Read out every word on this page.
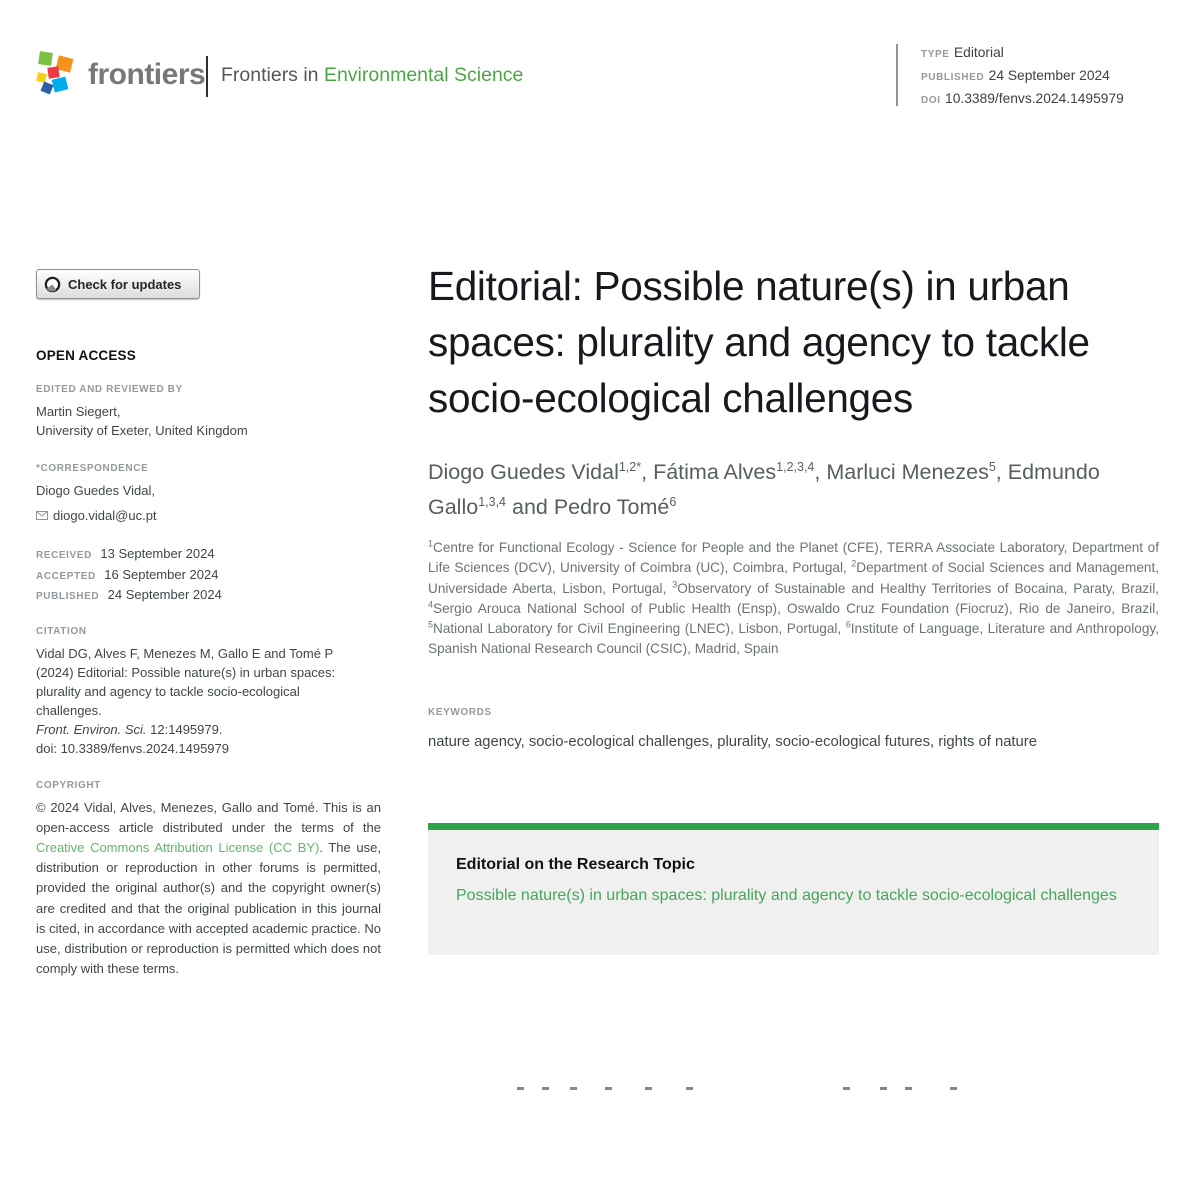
frontiers Frontiers in Environmental Science
TYPE Editorial
PUBLISHED 24 September 2024
DOI 10.3389/fenvs.2024.1495979
Check for updates
OPEN ACCESS
EDITED AND REVIEWED BY
Martin Siegert,
University of Exeter, United Kingdom
*CORRESPONDENCE
Diogo Guedes Vidal,
diogo.vidal@uc.pt
RECEIVED 13 September 2024
ACCEPTED 16 September 2024
PUBLISHED 24 September 2024
CITATION
Vidal DG, Alves F, Menezes M, Gallo E and Tomé P (2024) Editorial: Possible nature(s) in urban spaces: plurality and agency to tackle socio-ecological challenges.
Front. Environ. Sci. 12:1495979.
doi: 10.3389/fenvs.2024.1495979
COPYRIGHT
© 2024 Vidal, Alves, Menezes, Gallo and Tomé. This is an open-access article distributed under the terms of the Creative Commons Attribution License (CC BY). The use, distribution or reproduction in other forums is permitted, provided the original author(s) and the copyright owner(s) are credited and that the original publication in this journal is cited, in accordance with accepted academic practice. No use, distribution or reproduction is permitted which does not comply with these terms.
Editorial: Possible nature(s) in urban spaces: plurality and agency to tackle socio-ecological challenges
Diogo Guedes Vidal$^{1,2*}$, Fátima Alves$^{1,2,3,4}$, Marluci Menezes$^5$, Edmundo Gallo$^{1,3,4}$ and Pedro Tomé$^6$
$^1$Centre for Functional Ecology - Science for People and the Planet (CFE), TERRA Associate Laboratory, Department of Life Sciences (DCV), University of Coimbra (UC), Coimbra, Portugal, $^2$Department of Social Sciences and Management, Universidade Aberta, Lisbon, Portugal, $^3$Observatory of Sustainable and Healthy Territories of Bocaina, Paraty, Brazil, $^4$Sergio Arouca National School of Public Health (Ensp), Oswaldo Cruz Foundation (Fiocruz), Rio de Janeiro, Brazil, $^5$National Laboratory for Civil Engineering (LNEC), Lisbon, Portugal, $^6$Institute of Language, Literature and Anthropology, Spanish National Research Council (CSIC), Madrid, Spain
KEYWORDS
nature agency, socio-ecological challenges, plurality, socio-ecological futures, rights of nature
Editorial on the Research Topic
Possible nature(s) in urban spaces: plurality and agency to tackle socio-ecological challenges
